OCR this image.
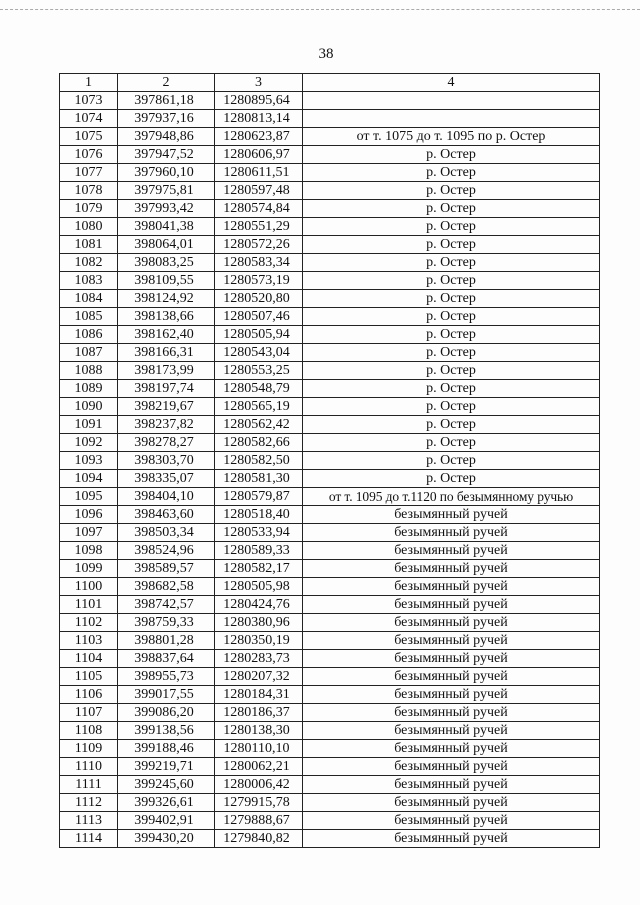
38
1	2	3	4
1073	397861,18	1280895,64	
1074	397937,16	1280813,14	
1075	397948,86	1280623,87	от т. 1075 до т. 1095 по р. Остер
1076	397947,52	1280606,97	р. Остер
1077	397960,10	1280611,51	р. Остер
1078	397975,81	1280597,48	р. Остер
1079	397993,42	1280574,84	р. Остер
1080	398041,38	1280551,29	р. Остер
1081	398064,01	1280572,26	р. Остер
1082	398083,25	1280583,34	р. Остер
1083	398109,55	1280573,19	р. Остер
1084	398124,92	1280520,80	р. Остер
1085	398138,66	1280507,46	р. Остер
1086	398162,40	1280505,94	р. Остер
1087	398166,31	1280543,04	р. Остер
1088	398173,99	1280553,25	р. Остер
1089	398197,74	1280548,79	р. Остер
1090	398219,67	1280565,19	р. Остер
1091	398237,82	1280562,42	р. Остер
1092	398278,27	1280582,66	р. Остер
1093	398303,70	1280582,50	р. Остер
1094	398335,07	1280581,30	р. Остер
1095	398404,10	1280579,87	от т. 1095 до т.1120 по безымянному ручью
1096	398463,60	1280518,40	безымянный ручей
1097	398503,34	1280533,94	безымянный ручей
1098	398524,96	1280589,33	безымянный ручей
1099	398589,57	1280582,17	безымянный ручей
1100	398682,58	1280505,98	безымянный ручей
1101	398742,57	1280424,76	безымянный ручей
1102	398759,33	1280380,96	безымянный ручей
1103	398801,28	1280350,19	безымянный ручей
1104	398837,64	1280283,73	безымянный ручей
1105	398955,73	1280207,32	безымянный ручей
1106	399017,55	1280184,31	безымянный ручей
1107	399086,20	1280186,37	безымянный ручей
1108	399138,56	1280138,30	безымянный ручей
1109	399188,46	1280110,10	безымянный ручей
1110	399219,71	1280062,21	безымянный ручей
1111	399245,60	1280006,42	безымянный ручей
1112	399326,61	1279915,78	безымянный ручей
1113	399402,91	1279888,67	безымянный ручей
1114	399430,20	1279840,82	безымянный ручей
